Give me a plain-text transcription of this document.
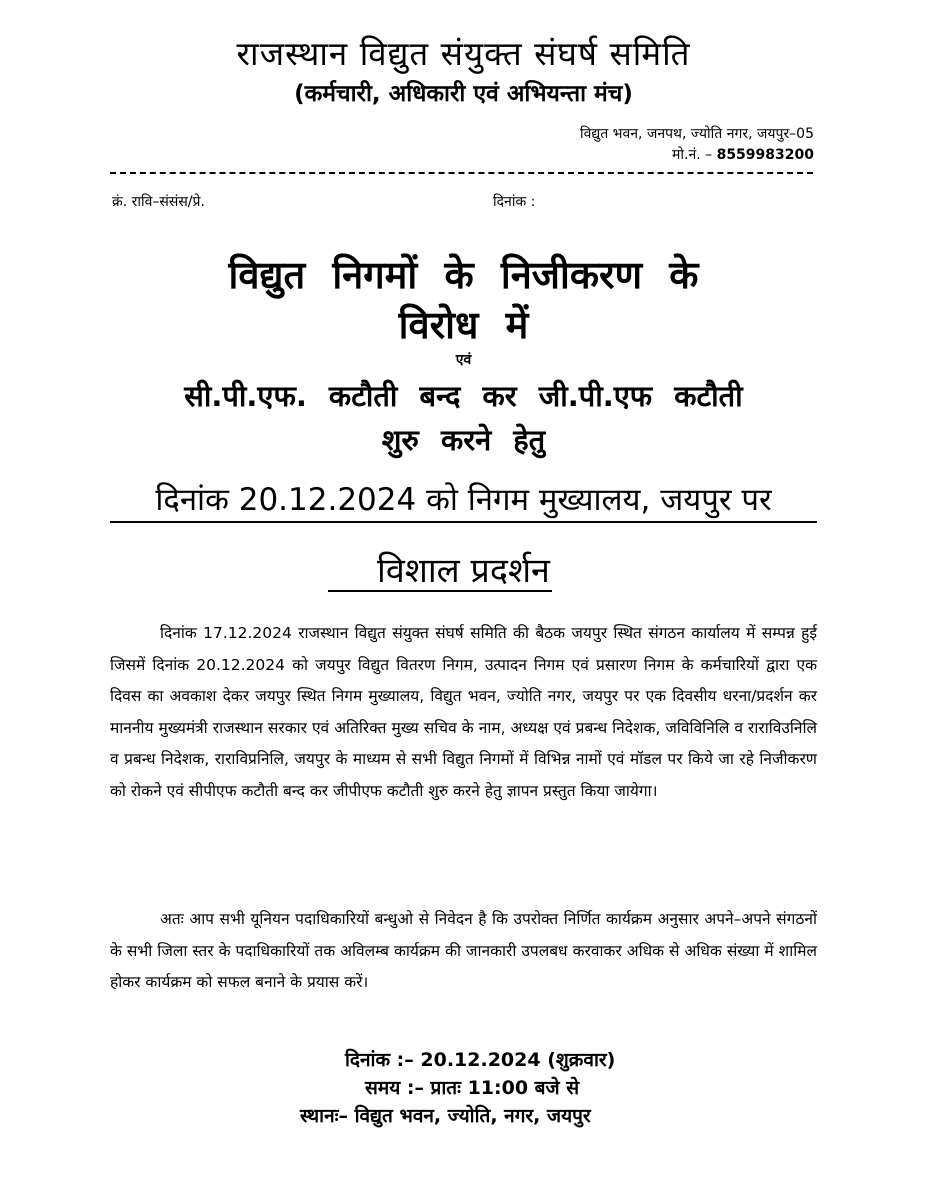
राजस्थान विद्युत संयुक्त संघर्ष समिति
(कर्मचारी, अधिकारी एवं अभियन्ता मंच)
विद्युत भवन, जनपथ, ज्योति नगर, जयपुर–05
मो.नं. – 8559983200
क्रं. रावि–संसंस/प्रे.	दिनांक :
विद्युत निगमों के निजीकरण के
विरोध में
एवं
सी.पी.एफ. कटौती बन्द कर जी.पी.एफ कटौती
शुरु करने हेतु
दिनांक 20.12.2024 को निगम मुख्यालय, जयपुर पर
विशाल प्रदर्शन
दिनांक 17.12.2024 राजस्थान विद्युत संयुक्त संघर्ष समिति की बैठक जयपुर स्थित संगठन कार्यालय में सम्पन्न हुई जिसमें दिनांक 20.12.2024 को जयपुर विद्युत वितरण निगम, उत्पादन निगम एवं प्रसारण निगम के कर्मचारियों द्वारा एक दिवस का अवकाश देकर जयपुर स्थित निगम मुख्यालय, विद्युत भवन, ज्योति नगर, जयपुर पर एक दिवसीय धरना/प्रदर्शन कर माननीय मुख्यमंत्री राजस्थान सरकार एवं अतिरिक्त मुख्य सचिव के नाम, अध्यक्ष एवं प्रबन्ध निदेशक, जविविनिलि व राराविउनिलि व प्रबन्ध निदेशक, राराविप्रनिलि, जयपुर के माध्यम से सभी विद्युत निगमों में विभिन्न नामों एवं मॉडल पर किये जा रहे निजीकरण को रोकने एवं सीपीएफ कटौती बन्द कर जीपीएफ कटौती शुरु करने हेतु ज्ञापन प्रस्तुत किया जायेगा।
अतः आप सभी यूनियन पदाधिकारियों बन्धुओ से निवेदन है कि उपरोक्त निर्णित कार्यक्रम अनुसार अपने–अपने संगठनों के सभी जिला स्तर के पदाधिकारियों तक अविलम्ब कार्यक्रम की जानकारी उपलबध करवाकर अधिक से अधिक संख्या में शामिल होकर कार्यक्रम को सफल बनाने के प्रयास करें।
दिनांक :– 20.12.2024 (शुक्रवार)
समय :– प्रातः 11:00 बजे से
स्थानः– विद्युत भवन, ज्योति, नगर, जयपुर
